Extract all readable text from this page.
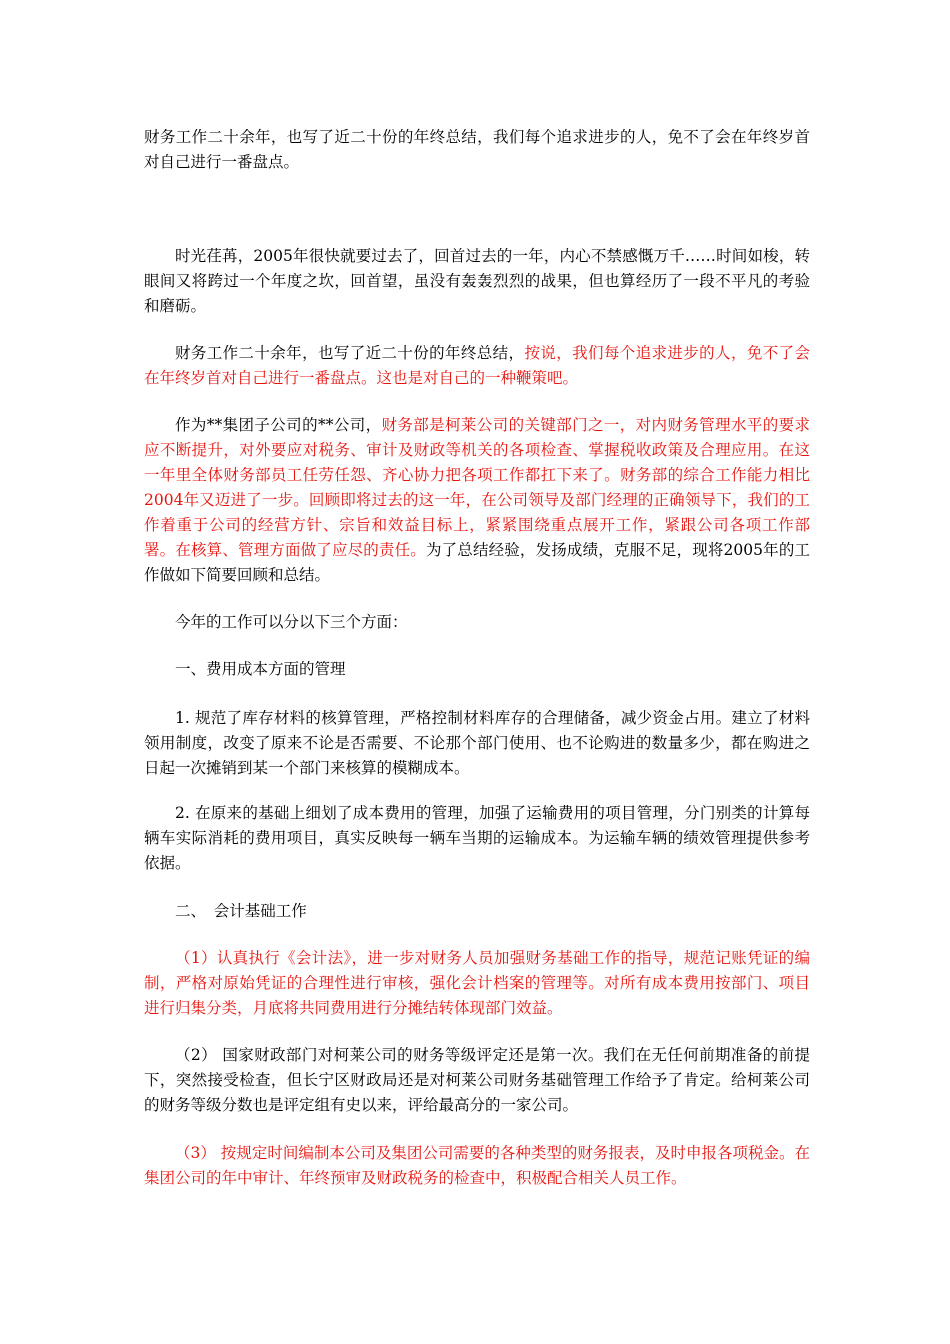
财务工作二十余年，也写了近二十份的年终总结，我们每个追求进步的人，免不了会在年终岁首对自己进行一番盘点。

时光荏苒，2005年很快就要过去了，回首过去的一年，内心不禁感慨万千……时间如梭，转眼间又将跨过一个年度之坎，回首望，虽没有轰轰烈烈的战果，但也算经历了一段不平凡的考验和磨砺。

财务工作二十余年，也写了近二十份的年终总结，按说，我们每个追求进步的人，免不了会在年终岁首对自己进行一番盘点。这也是对自己的一种鞭策吧。

作为**集团子公司的**公司，财务部是柯莱公司的关键部门之一，对内财务管理水平的要求应不断提升，对外要应对税务、审计及财政等机关的各项检查、掌握税收政策及合理应用。在这一年里全体财务部员工任劳任怨、齐心协力把各项工作都扛下来了。财务部的综合工作能力相比2004年又迈进了一步。回顾即将过去的这一年，在公司领导及部门经理的正确领导下，我们的工作着重于公司的经营方针、宗旨和效益目标上，紧紧围绕重点展开工作，紧跟公司各项工作部署。在核算、管理方面做了应尽的责任。为了总结经验，发扬成绩，克服不足，现将2005年的工作做如下简要回顾和总结。

今年的工作可以分以下三个方面：

一、费用成本方面的管理

1. 规范了库存材料的核算管理，严格控制材料库存的合理储备，减少资金占用。建立了材料领用制度，改变了原来不论是否需要、不论那个部门使用、也不论购进的数量多少，都在购进之日起一次摊销到某一个部门来核算的模糊成本。

2. 在原来的基础上细划了成本费用的管理，加强了运输费用的项目管理，分门别类的计算每辆车实际消耗的费用项目，真实反映每一辆车当期的运输成本。为运输车辆的绩效管理提供参考依据。

二、　会计基础工作

（1）认真执行《会计法》，进一步对财务人员加强财务基础工作的指导，规范记账凭证的编制，严格对原始凭证的合理性进行审核，强化会计档案的管理等。对所有成本费用按部门、项目进行归集分类，月底将共同费用进行分摊结转体现部门效益。

（2） 国家财政部门对柯莱公司的财务等级评定还是第一次。我们在无任何前期准备的前提下，突然接受检查，但长宁区财政局还是对柯莱公司财务基础管理工作给予了肯定。给柯莱公司的财务等级分数也是评定组有史以来，评给最高分的一家公司。

（3） 按规定时间编制本公司及集团公司需要的各种类型的财务报表，及时申报各项税金。在集团公司的年中审计、年终预审及财政税务的检查中，积极配合相关人员工作。
